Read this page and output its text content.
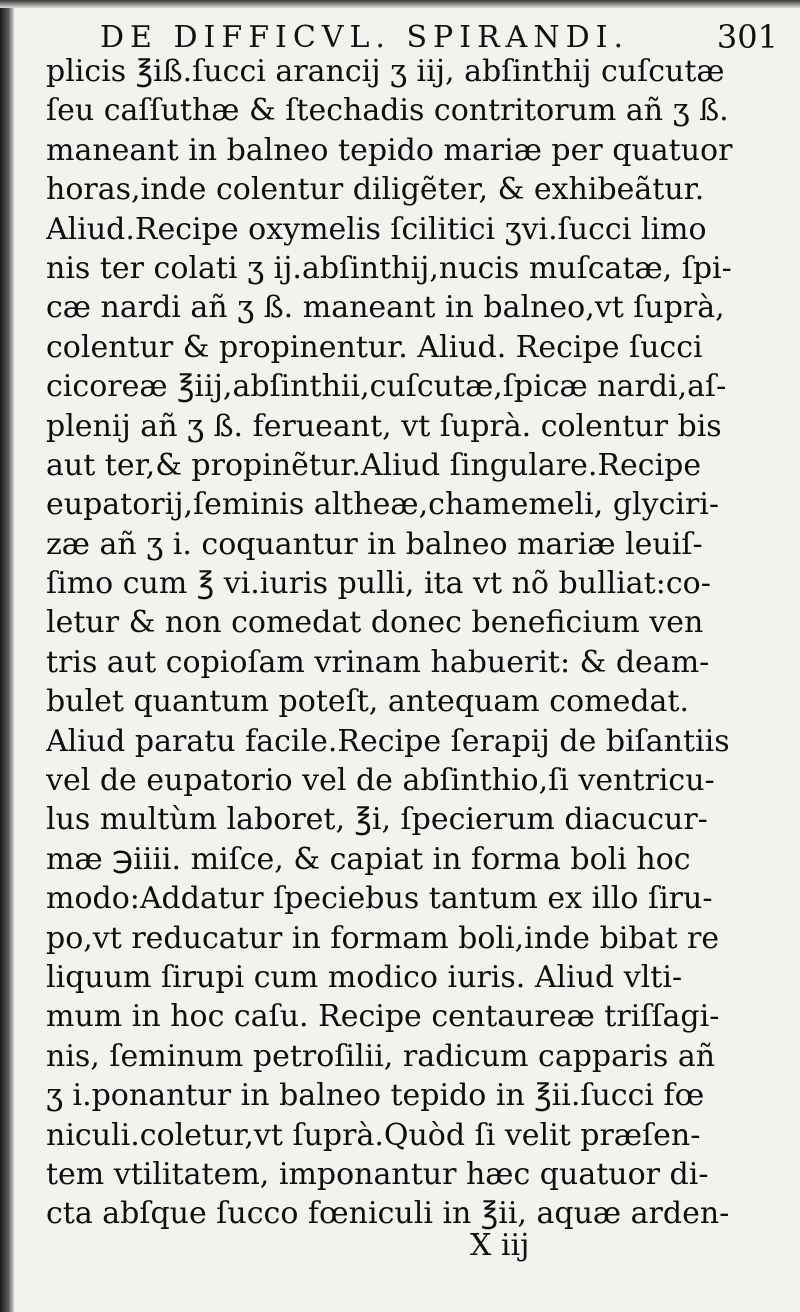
DE DIFFICVL. SPIRANDI.	301
plicis ℥iß.ſucci arancij ʒ iij, abſinthij cuſcutæ
ſeu caſſuthæ & ſtechadis contritorum añ ʒ ß.
maneant in balneo tepido mariæ per quatuor
horas,inde colentur diligẽter, & exhibeãtur.
Aliud.Recipe oxymelis ſcilitici ʒvi.ſucci limo
nis ter colati ʒ ij.abſinthij,nucis muſcatæ, ſpi-
cæ nardi añ ʒ ß. maneant in balneo,vt ſuprà,
colentur & propinentur. Aliud. Recipe ſucci
cicoreæ ℥iij,abſinthii,cuſcutæ,ſpicæ nardi,aſ-
plenij añ ʒ ß. ferueant, vt ſuprà. colentur bis
aut ter,& propinẽtur.Aliud ſingulare.Recipe
eupatorij,ſeminis altheæ,chamemeli, glyciri-
zæ añ ʒ i. coquantur in balneo mariæ leuiſ-
ſimo cum ℥ vi.iuris pulli, ita vt nõ bulliat:co-
letur & non comedat donec beneficium ven
tris aut copioſam vrinam habuerit: & deam-
bulet quantum poteſt, antequam comedat.
Aliud paratu facile.Recipe ſerapij de biſantiis
vel de eupatorio vel de abſinthio,ſi ventricu-
lus multùm laboret, ℥i, ſpecierum diacucur-
mæ ℈iiii. miſce, & capiat in forma boli hoc
modo:Addatur ſpeciebus tantum ex illo ſiru-
po,vt reducatur in formam boli,inde bibat re
liquum ſirupi cum modico iuris. Aliud vlti-
mum in hoc caſu. Recipe centaureæ triſſagi-
nis, ſeminum petroſilii, radicum capparis añ
ʒ i.ponantur in balneo tepido in ℥ii.ſucci fœ
niculi.coletur,vt ſuprà.Quòd ſi velit præſen-
tem vtilitatem, imponantur hæc quatuor di-
cta abſque ſucco fœniculi in ℥ii, aquæ arden-
X iij
